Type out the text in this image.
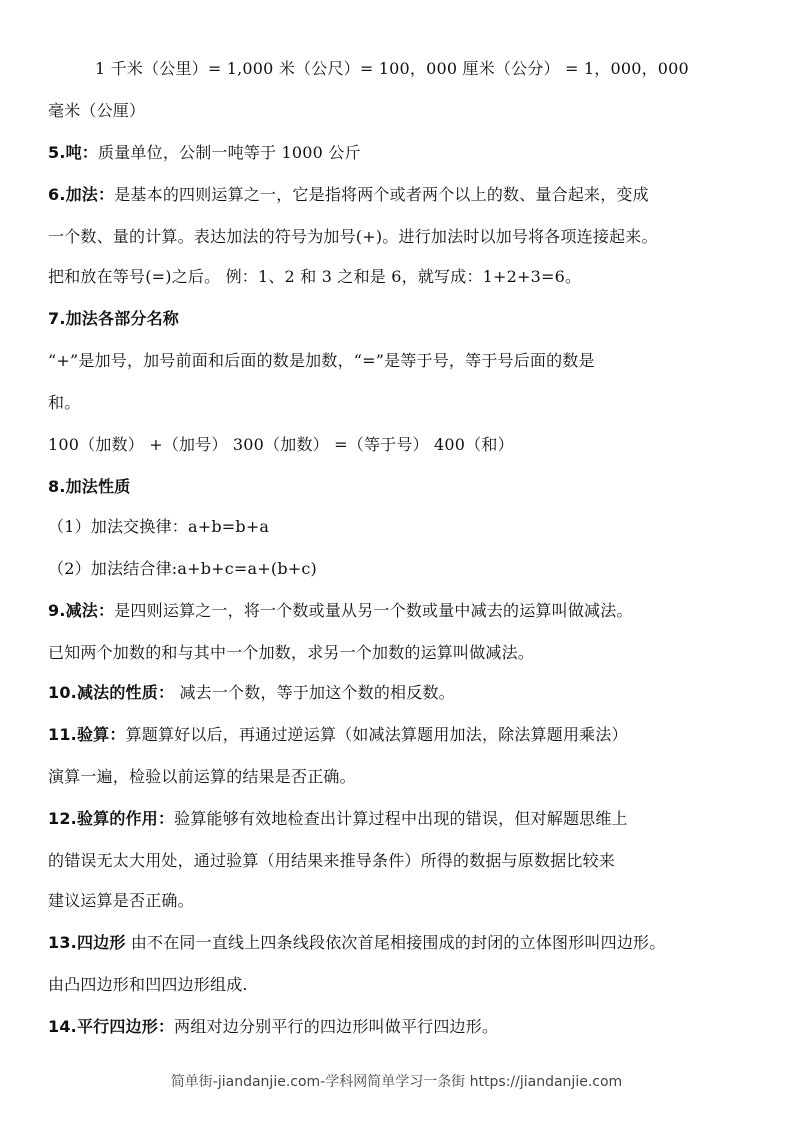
1 千米（公里）= 1,000 米（公尺）= 100，000 厘米（公分） = 1，000，000
毫米（公厘）
5.吨：质量单位，公制一吨等于 1000 公斤
6.加法：是基本的四则运算之一，它是指将两个或者两个以上的数、量合起来，变成
一个数、量的计算。表达加法的符号为加号(+)。进行加法时以加号将各项连接起来。
把和放在等号(=)之后。 例：1、2 和 3 之和是 6，就写成：1+2+3=6。
7.加法各部分名称
“+”是加号，加号前面和后面的数是加数，“=”是等于号，等于号后面的数是
和。
100（加数） +（加号） 300（加数） =（等于号） 400（和）
8.加法性质
（1）加法交换律：a+b=b+a
（2）加法结合律:a+b+c=a+(b+c)
9.减法：是四则运算之一，将一个数或量从另一个数或量中减去的运算叫做减法。
已知两个加数的和与其中一个加数，求另一个加数的运算叫做减法。
10.减法的性质： 减去一个数，等于加这个数的相反数。
11.验算：算题算好以后，再通过逆运算（如减法算题用加法，除法算题用乘法）
演算一遍，检验以前运算的结果是否正确。
12.验算的作用：验算能够有效地检查出计算过程中出现的错误，但对解题思维上
的错误无太大用处，通过验算（用结果来推导条件）所得的数据与原数据比较来
建议运算是否正确。
13.四边形 由不在同一直线上四条线段依次首尾相接围成的封闭的立体图形叫四边形。
由凸四边形和凹四边形组成.
14.平行四边形：两组对边分别平行的四边形叫做平行四边形。
简单街-jiandanjie.com-学科网简单学习一条街 https://jiandanjie.com
